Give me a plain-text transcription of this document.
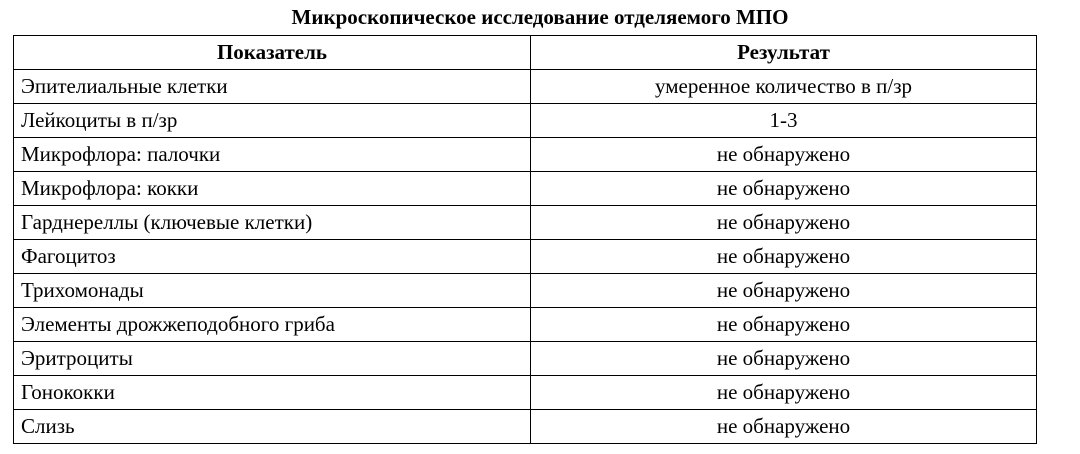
Микроскопическое исследование отделяемого МПО
Показатель	Результат
Эпителиальные клетки	умеренное количество в п/зр
Лейкоциты в п/зр	1-3
Микрофлора: палочки	не обнаружено
Микрофлора: кокки	не обнаружено
Гарднереллы (ключевые клетки)	не обнаружено
Фагоцитоз	не обнаружено
Трихомонады	не обнаружено
Элементы дрожжеподобного гриба	не обнаружено
Эритроциты	не обнаружено
Гонококки	не обнаружено
Слизь	не обнаружено
